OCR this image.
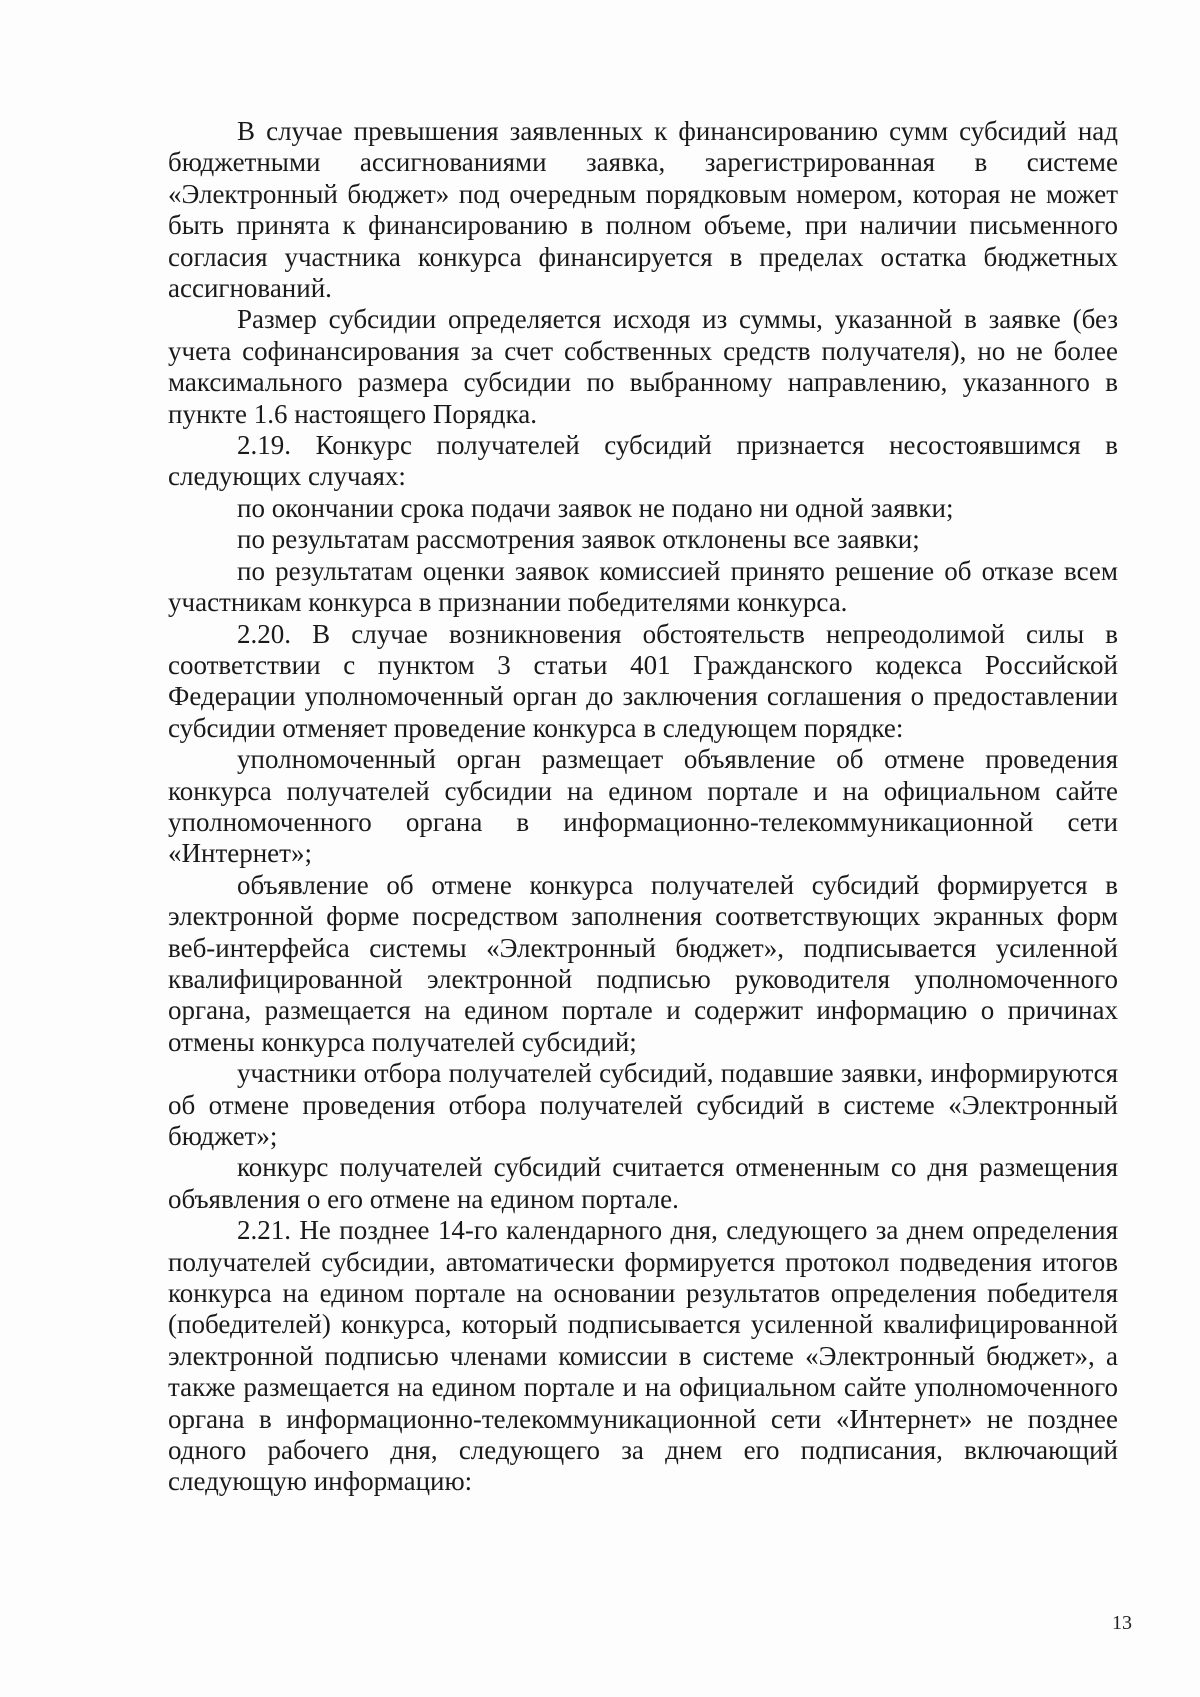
В случае превышения заявленных к финансированию сумм субсидий над бюджетными ассигнованиями заявка, зарегистрированная в системе «Электронный бюджет» под очередным порядковым номером, которая не может быть принята к финансированию в полном объеме, при наличии письменного согласия участника конкурса финансируется в пределах остатка бюджетных ассигнований.

Размер субсидии определяется исходя из суммы, указанной в заявке (без учета софинансирования за счет собственных средств получателя), но не более максимального размера субсидии по выбранному направлению, указанного в пункте 1.6 настоящего Порядка.

2.19. Конкурс получателей субсидий признается несостоявшимся в следующих случаях:

по окончании срока подачи заявок не подано ни одной заявки;

по результатам рассмотрения заявок отклонены все заявки;

по результатам оценки заявок комиссией принято решение об отказе всем участникам конкурса в признании победителями конкурса.

2.20. В случае возникновения обстоятельств непреодолимой силы в соответствии с пунктом 3 статьи 401 Гражданского кодекса Российской Федерации уполномоченный орган до заключения соглашения о предоставлении субсидии отменяет проведение конкурса в следующем порядке:

уполномоченный орган размещает объявление об отмене проведения конкурса получателей субсидии на едином портале и на официальном сайте уполномоченного органа в информационно-телекоммуникационной сети «Интернет»;

объявление об отмене конкурса получателей субсидий формируется в электронной форме посредством заполнения соответствующих экранных форм веб-интерфейса системы «Электронный бюджет», подписывается усиленной квалифицированной электронной подписью руководителя уполномоченного органа, размещается на едином портале и содержит информацию о причинах отмены конкурса получателей субсидий;

участники отбора получателей субсидий, подавшие заявки, информируются об отмене проведения отбора получателей субсидий в системе «Электронный бюджет»;

конкурс получателей субсидий считается отмененным со дня размещения объявления о его отмене на едином портале.

2.21. Не позднее 14-го календарного дня, следующего за днем определения получателей субсидии, автоматически формируется протокол подведения итогов конкурса на едином портале на основании результатов определения победителя (победителей) конкурса, который подписывается усиленной квалифицированной электронной подписью членами комиссии в системе «Электронный бюджет», а также размещается на едином портале и на официальном сайте уполномоченного органа в информационно-телекоммуникационной сети «Интернет» не позднее одного рабочего дня, следующего за днем его подписания, включающий следующую информацию:

13
